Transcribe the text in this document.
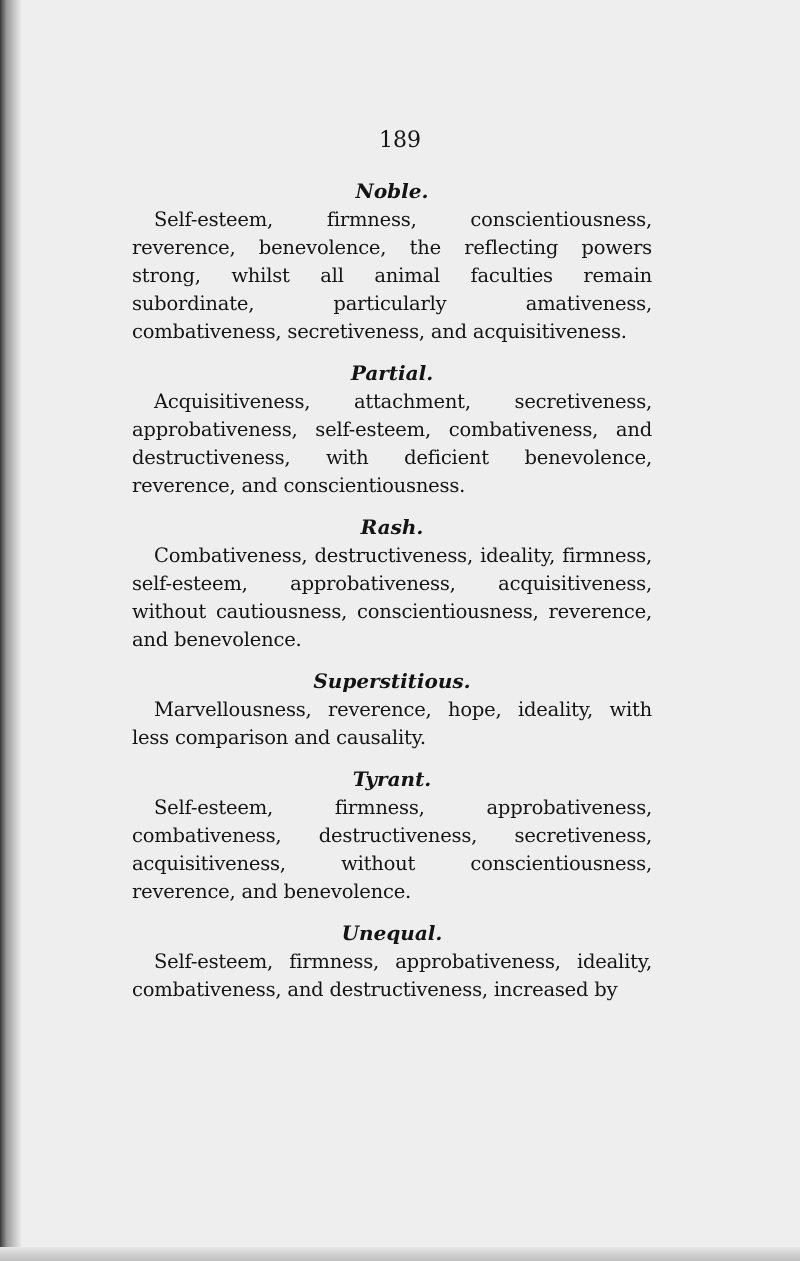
189
Noble.

Self-esteem, firmness, conscientiousness, reverence, benevolence, the reflecting powers strong, whilst all animal faculties remain subordinate, particularly amativeness, combativeness, secretiveness, and acquisitiveness.

Partial.

Acquisitiveness, attachment, secretiveness, approbativeness, self-esteem, combativeness, and destructiveness, with deficient benevolence, reverence, and conscientiousness.

Rash.

Combativeness, destructiveness, ideality, firmness, self-esteem, approbativeness, acquisitiveness, without cautiousness, conscientiousness, reverence, and benevolence.

Superstitious.

Marvellousness, reverence, hope, ideality, with less comparison and causality.

Tyrant.

Self-esteem, firmness, approbativeness, combativeness, destructiveness, secretiveness, acquisitiveness, without conscientiousness, reverence, and benevolence.

Unequal.

Self-esteem, firmness, approbativeness, ideality, combativeness, and destructiveness, increased by
